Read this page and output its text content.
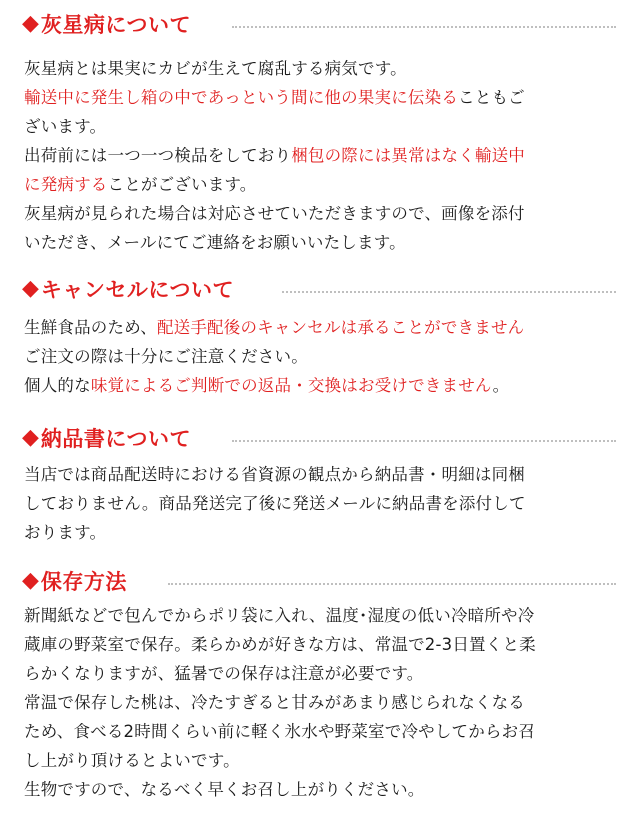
◆ 灰星病について
灰星病とは果実にカビが生えて腐乱する病気です。
輸送中に発生し箱の中であっという間に他の果実に伝染ることもご
ざいます。
出荷前には一つ一つ検品をしており梱包の際には異常はなく輸送中
に発病することがございます。
灰星病が見られた場合は対応させていただきますので、画像を添付
いただき、メールにてご連絡をお願いいたします。
◆ キャンセルについて
生鮮食品のため、配送手配後のキャンセルは承ることができません
ご注文の際は十分にご注意ください。
個人的な味覚によるご判断での返品・交換はお受けできません。
◆ 納品書について
当店では商品配送時における省資源の観点から納品書・明細は同梱
しておりません。商品発送完了後に発送メールに納品書を添付して
おります。
◆ 保存方法
新聞紙などで包んでからポリ袋に入れ、温度･湿度の低い冷暗所や冷
蔵庫の野菜室で保存。柔らかめが好きな方は、常温で2-3日置くと柔
らかくなりますが、猛暑での保存は注意が必要です。
常温で保存した桃は、冷たすぎると甘みがあまり感じられなくなる
ため、食べる2時間くらい前に軽く氷水や野菜室で冷やしてからお召
し上がり頂けるとよいです。
生物ですので、なるべく早くお召し上がりください。
